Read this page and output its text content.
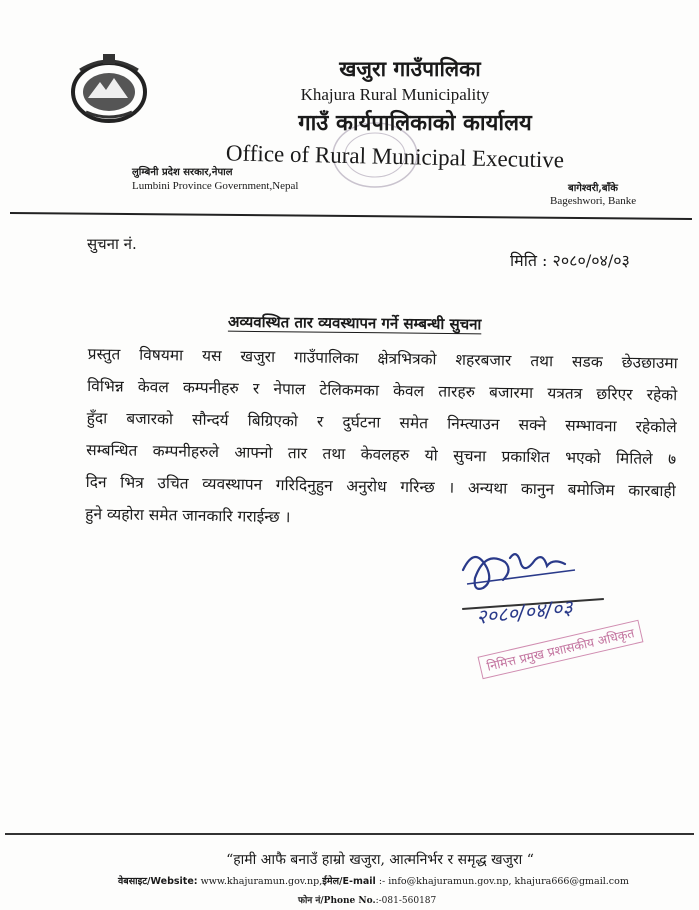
खजुरा गाउँपालिका
Khajura Rural Municipality
गाउँ कार्यपालिकाको कार्यालय
Office of Rural Municipal Executive
लुम्बिनी प्रदेश सरकार,नेपाल
Lumbini Province Government,Nepal	बागेश्वरी,बाँके
Bageshwori, Banke
सुचना नं.
मिति : २०८०/०४/०३
अव्यवस्थित तार व्यवस्थापन गर्ने सम्बन्धी सुचना
प्रस्तुत विषयमा यस खजुरा गाउँपालिका क्षेत्रभित्रको शहरबजार तथा सडक छेउछाउमा
विभिन्न केवल कम्पनीहरु र नेपाल टेलिकमका केवल तारहरु बजारमा यत्रतत्र छरिएर रहेको
हुँदा बजारको सौन्दर्य बिग्रिएको र दुर्घटना समेत निम्त्याउन सक्ने सम्भावना रहेकोले
सम्बन्धित कम्पनीहरुले आफ्नो तार तथा केवलहरु यो सुचना प्रकाशित भएको मितिले ७
दिन भित्र उचित व्यवस्थापन गरिदिनुहुन अनुरोध गरिन्छ । अन्यथा कानुन बमोजिम कारबाही
हुने व्यहोरा समेत जानकारि गराईन्छ ।
२०८०/०४/०३
निमित्त प्रमुख प्रशासकीय अधिकृत
“हामी आफै बनाउँ हाम्रो खजुरा, आत्मनिर्भर र समृद्ध खजुरा “
वेबसाइट/Website: www.khajuramun.gov.np,ईमेल/E-mail :- info@khajuramun.gov.np, khajura666@gmail.com
फोन नं/Phone No.:-081-560187
